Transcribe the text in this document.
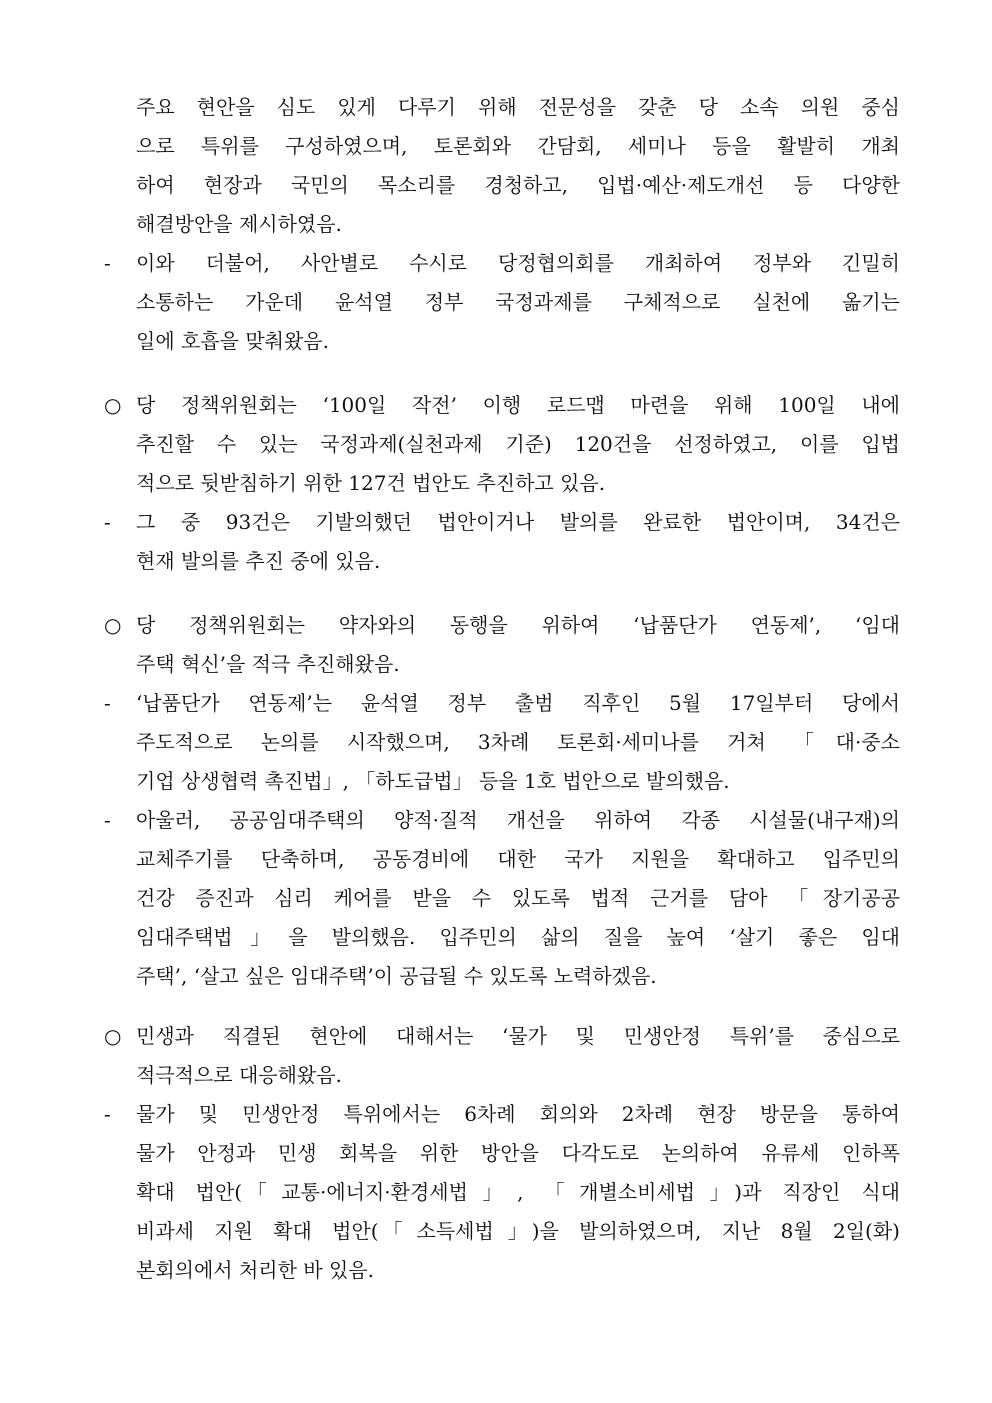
주요 현안을 심도 있게 다루기 위해 전문성을 갖춘 당 소속 의원 중심
으로 특위를 구성하였으며, 토론회와 간담회, 세미나 등을 활발히 개최
하여 현장과 국민의 목소리를 경청하고, 입법·예산·제도개선 등 다양한
해결방안을 제시하였음.
-	이와 더불어, 사안별로 수시로 당정협의회를 개최하여 정부와 긴밀히
소통하는 가운데 윤석열 정부 국정과제를 구체적으로 실천에 옮기는
일에 호흡을 맞춰왔음.
○ 당 정책위원회는 ‘100일 작전’ 이행 로드맵 마련을 위해 100일 내에
추진할 수 있는 국정과제(실천과제 기준) 120건을 선정하였고, 이를 입법
적으로 뒷받침하기 위한 127건 법안도 추진하고 있음.
-	그 중 93건은 기발의했던 법안이거나 발의를 완료한 법안이며, 34건은
현재 발의를 추진 중에 있음.
○ 당 정책위원회는 약자와의 동행을 위하여 ‘납품단가 연동제’, ‘임대
주택 혁신’을 적극 추진해왔음.
-	‘납품단가 연동제’는 윤석열 정부 출범 직후인 5월 17일부터 당에서
주도적으로 논의를 시작했으며, 3차례 토론회·세미나를 거쳐 「대·중소
기업 상생협력 촉진법」, 「하도급법」 등을 1호 법안으로 발의했음.
-	아울러, 공공임대주택의 양적·질적 개선을 위하여 각종 시설물(내구재)의
교체주기를 단축하며, 공동경비에 대한 국가 지원을 확대하고 입주민의
건강 증진과 심리 케어를 받을 수 있도록 법적 근거를 담아 「장기공공
임대주택법」을 발의했음. 입주민의 삶의 질을 높여 ‘살기 좋은 임대
주택’, ‘살고 싶은 임대주택’이 공급될 수 있도록 노력하겠음.
○ 민생과 직결된 현안에 대해서는 ‘물가 및 민생안정 특위’를 중심으로
적극적으로 대응해왔음.
-	물가 및 민생안정 특위에서는 6차례 회의와 2차례 현장 방문을 통하여
물가 안정과 민생 회복을 위한 방안을 다각도로 논의하여 유류세 인하폭
확대 법안(「교통·에너지·환경세법」, 「개별소비세법」)과 직장인 식대
비과세 지원 확대 법안(「소득세법」)을 발의하였으며, 지난 8월 2일(화)
본회의에서 처리한 바 있음.
